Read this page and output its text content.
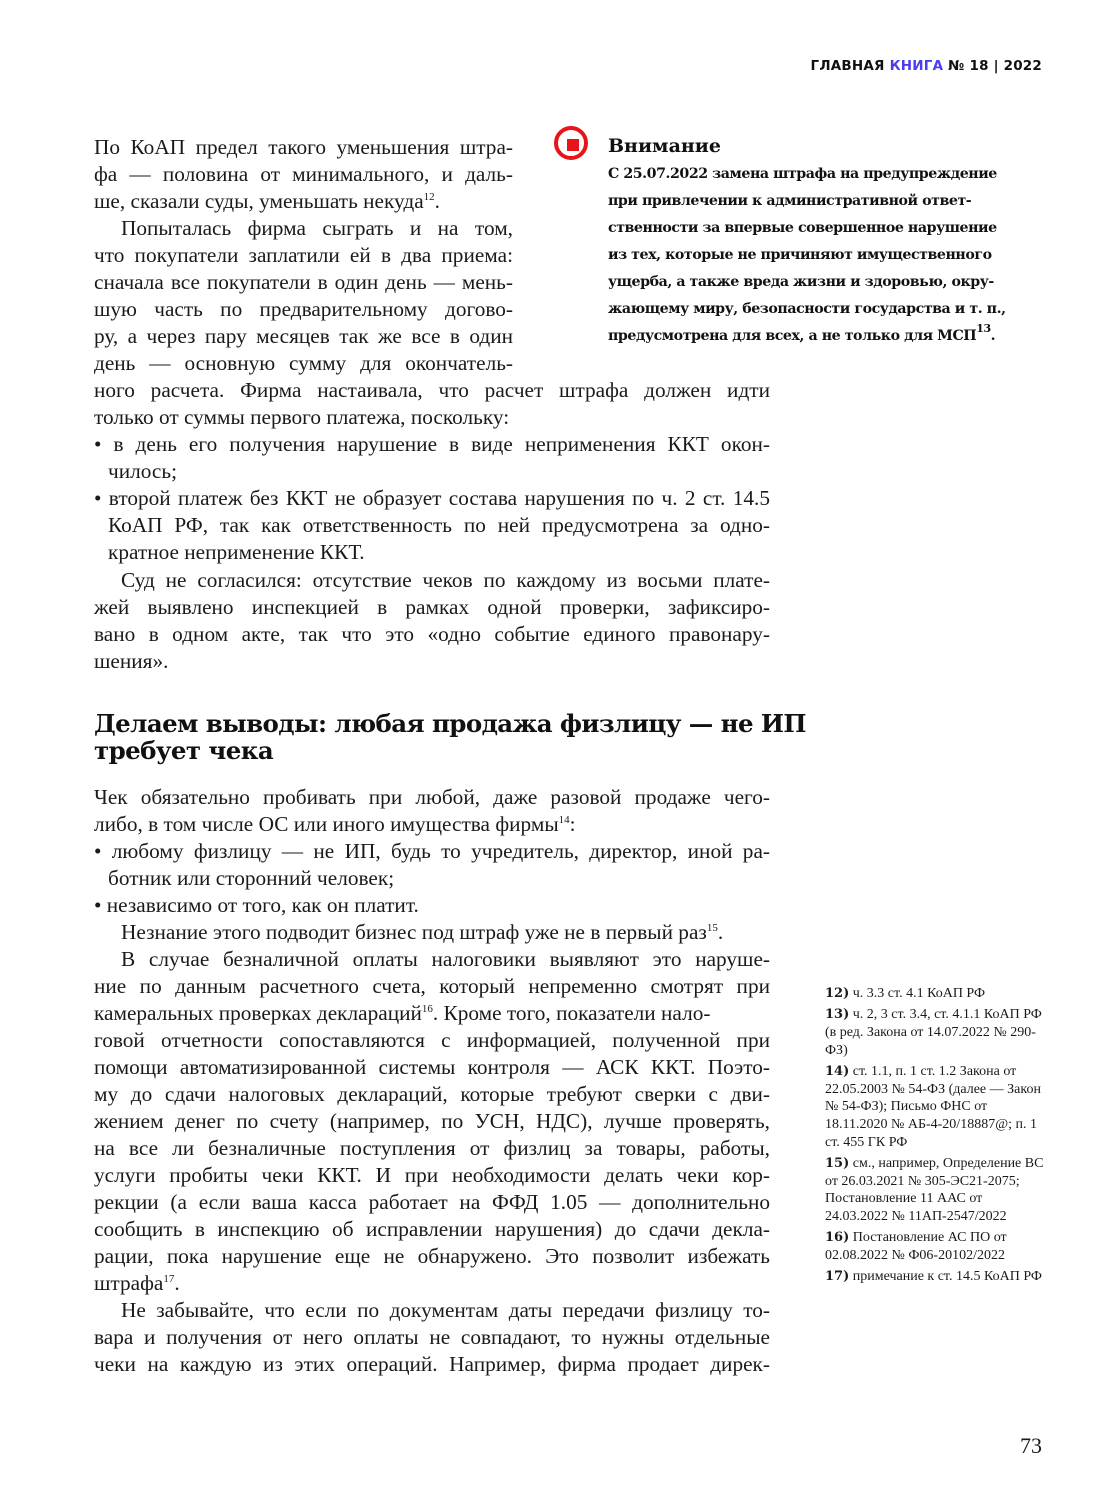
ГЛАВНАЯ КНИГА № 18 | 2022
Внимание
С 25.07.2022 замена штрафа на предупреждение
при привлечении к административной ответ-
ственности за впервые совершенное нарушение
из тех, которые не причиняют имущественного
ущерба, а также вреда жизни и здоровью, окру-
жающему миру, безопасности государства и т. п.,
предусмотрена для всех, а не только для МСП$^{13}$.
По КоАП предел такого уменьшения штра-
фа — половина от минимального, и даль-
ше, сказали суды, уменьшать некуда$^{12}$.
Попыталась фирма сыграть и на том,
что покупатели заплатили ей в два приема:
сначала все покупатели в один день — мень-
шую часть по предварительному догово-
ру, а через пару месяцев так же все в один
день — основную сумму для окончатель-
ного расчета. Фирма настаивала, что расчет штрафа должен идти
только от суммы первого платежа, поскольку:
• в день его получения нарушение в виде неприменения ККТ окон-
чилось;
• второй платеж без ККТ не образует состава нарушения по ч. 2 ст. 14.5
КоАП РФ, так как ответственность по ней предусмотрена за одно-
кратное неприменение ККТ.
Суд не согласился: отсутствие чеков по каждому из восьми плате-
жей выявлено инспекцией в рамках одной проверки, зафиксиро-
вано в одном акте, так что это «одно событие единого правонару-
шения».
Чек обязательно пробивать при любой, даже разовой продаже чего-
либо, в том числе ОС или иного имущества фирмы$^{14}$:
• любому физлицу — не ИП, будь то учредитель, директор, иной ра-
ботник или сторонний человек;
• независимо от того, как он платит.
Незнание этого подводит бизнес под штраф уже не в первый раз$^{15}$.
В случае безналичной оплаты налоговики выявляют это наруше-
ние по данным расчетного счета, который непременно смотрят при
камеральных проверках деклараций$^{16}$. Кроме того, показатели нало-
говой отчетности сопоставляются с информацией, полученной при
помощи автоматизированной системы контроля — АСК ККТ. Поэто-
му до сдачи налоговых деклараций, которые требуют сверки с дви-
жением денег по счету (например, по УСН, НДС), лучше проверять,
на все ли безналичные поступления от физлиц за товары, работы,
услуги пробиты чеки ККТ. И при необходимости делать чеки кор-
рекции (а если ваша касса работает на ФФД 1.05 — дополнительно
сообщить в инспекцию об исправлении нарушения) до сдачи декла-
рации, пока нарушение еще не обнаружено. Это позволит избежать
штрафа$^{17}$.
Не забывайте, что если по документам даты передачи физлицу то-
вара и получения от него оплаты не совпадают, то нужны отдельные
чеки на каждую из этих операций. Например, фирма продает дирек-
Делаем выводы: любая продажа физлицу — не ИП
требует чека
12) ч. 3.3 ст. 4.1 КоАП РФ
13) ч. 2, 3 ст. 3.4, ст. 4.1.1 КоАП РФ (в ред. Закона от 14.07.2022 № 290-ФЗ)
14) ст. 1.1, п. 1 ст. 1.2 Закона от 22.05.2003 № 54-ФЗ (далее — Закон № 54-ФЗ); Письмо ФНС от 18.11.2020 № АБ-4-20/18887@; п. 1 ст. 455 ГК РФ
15) см., например, Определение ВС от 26.03.2021 № 305-ЭС21-2075; Постановление 11 ААС от 24.03.2022 № 11АП-2547/2022
16) Постановление АС ПО от 02.08.2022 № Ф06-20102/2022
17) примечание к ст. 14.5 КоАП РФ
73
